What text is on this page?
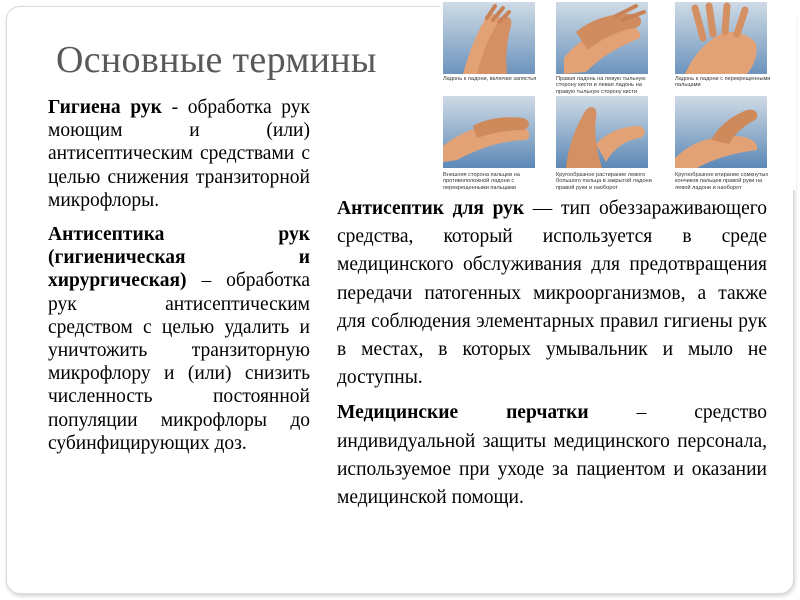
Основные термины	Ладонь к ладони, включая запястья	Правая ладонь на левую тыльную сторону кисти и левая ладонь на правую тыльную сторону кисти
Ладонь к ладони с перекрещенными пальцами
Внешняя сторона пальцев на противоположной ладони с перекрещенными пальцами
Кругообразное растирание левого большого пальца в закрытой ладони правой руки и наоборот
Кругообразное втирание сомкнутых кончиков пальцев правой руки на левой ладони и наоборот

Гигиена рук - обработка рук моющим и (или) антисептическим средствами с целью снижения транзиторной микрофлоры.

Антисептика рук (гигиеническая и хирургическая) – обработка рук антисептическим средством с целью удалить и уничтожить транзиторную микрофлору и (или) снизить численность постоянной популяции микрофлоры до субинфицирующих доз.

Антисептик для рук — тип обеззараживающего средства, который используется в среде медицинского обслуживания для предотвращения передачи патогенных микроорганизмов, а также для соблюдения элементарных правил гигиены рук в местах, в которых умывальник и мыло не доступны.

Медицинские перчатки – средство индивидуальной защиты медицинского персонала, используемое при уходе за пациентом и оказании медицинской помощи.
